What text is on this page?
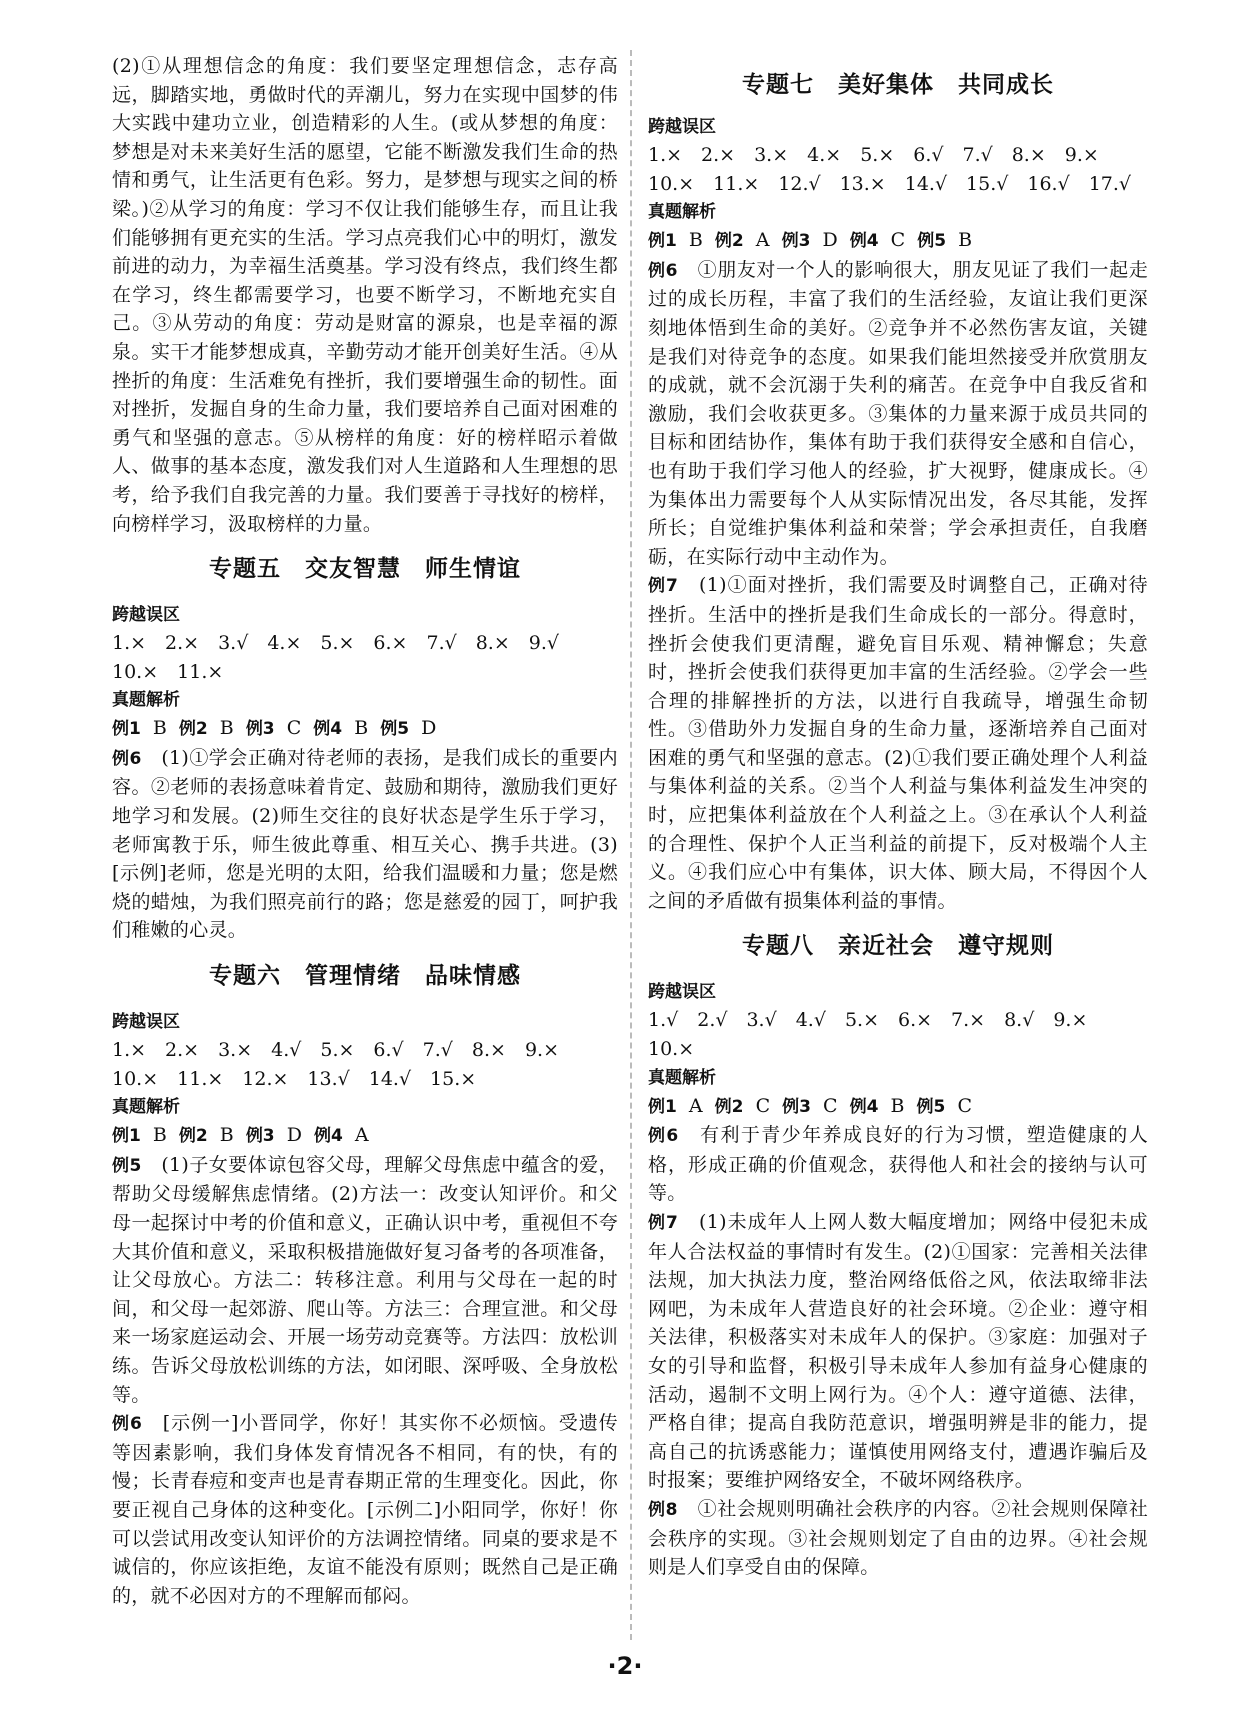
(2)①从理想信念的角度：我们要坚定理想信念，志存高远，脚踏实地，勇做时代的弄潮儿，努力在实现中国梦的伟大实践中建功立业，创造精彩的人生。(或从梦想的角度：梦想是对未来美好生活的愿望，它能不断激发我们生命的热情和勇气，让生活更有色彩。努力，是梦想与现实之间的桥梁。)②从学习的角度：学习不仅让我们能够生存，而且让我们能够拥有更充实的生活。学习点亮我们心中的明灯，激发前进的动力，为幸福生活奠基。学习没有终点，我们终生都在学习，终生都需要学习，也要不断学习，不断地充实自己。③从劳动的角度：劳动是财富的源泉，也是幸福的源泉。实干才能梦想成真，辛勤劳动才能开创美好生活。④从挫折的角度：生活难免有挫折，我们要增强生命的韧性。面对挫折，发掘自身的生命力量，我们要培养自己面对困难的勇气和坚强的意志。⑤从榜样的角度：好的榜样昭示着做人、做事的基本态度，激发我们对人生道路和人生理想的思考，给予我们自我完善的力量。我们要善于寻找好的榜样，向榜样学习，汲取榜样的力量。

专题五　交友智慧　师生情谊
跨越误区
1.×　2.×　3.√　4.×　5.×　6.×　7.√　8.×　9.√　10.×　11.×
真题解析
例1 B 例2 B 例3 C 例4 B 例5 D

例6　 (1)①学会正确对待老师的表扬，是我们成长的重要内容。②老师的表扬意味着肯定、鼓励和期待，激励我们更好地学习和发展。(2)师生交往的良好状态是学生乐于学习，老师寓教于乐，师生彼此尊重、相互关心、携手共进。(3)[示例]老师，您是光明的太阳，给我们温暖和力量；您是燃烧的蜡烛，为我们照亮前行的路；您是慈爱的园丁，呵护我们稚嫩的心灵。

专题六　管理情绪　品味情感
跨越误区
1.×　2.×　3.×　4.√　5.×　6.√　7.√　8.×　9.×　10.×　11.×　12.×　13.√　14.√　15.×
真题解析
例1 B 例2 B 例3 D 例4 A

例5　 (1)子女要体谅包容父母，理解父母焦虑中蕴含的爱，帮助父母缓解焦虑情绪。(2)方法一：改变认知评价。和父母一起探讨中考的价值和意义，正确认识中考，重视但不夸大其价值和意义，采取积极措施做好复习备考的各项准备，让父母放心。方法二：转移注意。利用与父母在一起的时间，和父母一起郊游、爬山等。方法三：合理宣泄。和父母来一场家庭运动会、开展一场劳动竞赛等。方法四：放松训练。告诉父母放松训练的方法，如闭眼、深呼吸、全身放松等。

例6　 [示例一]小晋同学，你好！其实你不必烦恼。受遗传等因素影响，我们身体发育情况各不相同，有的快，有的慢；长青春痘和变声也是青春期正常的生理变化。因此，你要正视自己身体的这种变化。[示例二]小阳同学，你好！你可以尝试用改变认知评价的方法调控情绪。同桌的要求是不诚信的，你应该拒绝，友谊不能没有原则；既然自己是正确的，就不必因对方的不理解而郁闷。

专题七　美好集体　共同成长
跨越误区
1.×　2.×　3.×　4.×　5.×　6.√　7.√　8.×　9.×　10.×　11.×　12.√　13.×　14.√　15.√　16.√　17.√
真题解析
例1 B 例2 A 例3 D 例4 C 例5 B

例6　 ①朋友对一个人的影响很大，朋友见证了我们一起走过的成长历程，丰富了我们的生活经验，友谊让我们更深刻地体悟到生命的美好。②竞争并不必然伤害友谊，关键是我们对待竞争的态度。如果我们能坦然接受并欣赏朋友的成就，就不会沉溺于失利的痛苦。在竞争中自我反省和激励，我们会收获更多。③集体的力量来源于成员共同的目标和团结协作，集体有助于我们获得安全感和自信心，也有助于我们学习他人的经验，扩大视野，健康成长。④为集体出力需要每个人从实际情况出发，各尽其能，发挥所长；自觉维护集体利益和荣誉；学会承担责任，自我磨砺，在实际行动中主动作为。

例7　 (1)①面对挫折，我们需要及时调整自己，正确对待挫折。生活中的挫折是我们生命成长的一部分。得意时，挫折会使我们更清醒，避免盲目乐观、精神懈怠；失意时，挫折会使我们获得更加丰富的生活经验。②学会一些合理的排解挫折的方法，以进行自我疏导，增强生命韧性。③借助外力发掘自身的生命力量，逐渐培养自己面对困难的勇气和坚强的意志。(2)①我们要正确处理个人利益与集体利益的关系。②当个人利益与集体利益发生冲突的时，应把集体利益放在个人利益之上。③在承认个人利益的合理性、保护个人正当利益的前提下，反对极端个人主义。④我们应心中有集体，识大体、顾大局，不得因个人之间的矛盾做有损集体利益的事情。

专题八　亲近社会　遵守规则
跨越误区
1.√　2.√　3.√　4.√　5.×　6.×　7.×　8.√　9.×　10.×
真题解析
例1 A 例2 C 例3 C 例4 B 例5 C

例6　 有利于青少年养成良好的行为习惯，塑造健康的人格，形成正确的价值观念，获得他人和社会的接纳与认可等。

例7　 (1)未成年人上网人数大幅度增加；网络中侵犯未成年人合法权益的事情时有发生。(2)①国家：完善相关法律法规，加大执法力度，整治网络低俗之风，依法取缔非法网吧，为未成年人营造良好的社会环境。②企业：遵守相关法律，积极落实对未成年人的保护。③家庭：加强对子女的引导和监督，积极引导未成年人参加有益身心健康的活动，遏制不文明上网行为。④个人：遵守道德、法律，严格自律；提高自我防范意识，增强明辨是非的能力，提高自己的抗诱惑能力；谨慎使用网络支付，遭遇诈骗后及时报案；要维护网络安全，不破坏网络秩序。

例8　 ①社会规则明确社会秩序的内容。②社会规则保障社会秩序的实现。③社会规则划定了自由的边界。④社会规则是人们享受自由的保障。

·2·
